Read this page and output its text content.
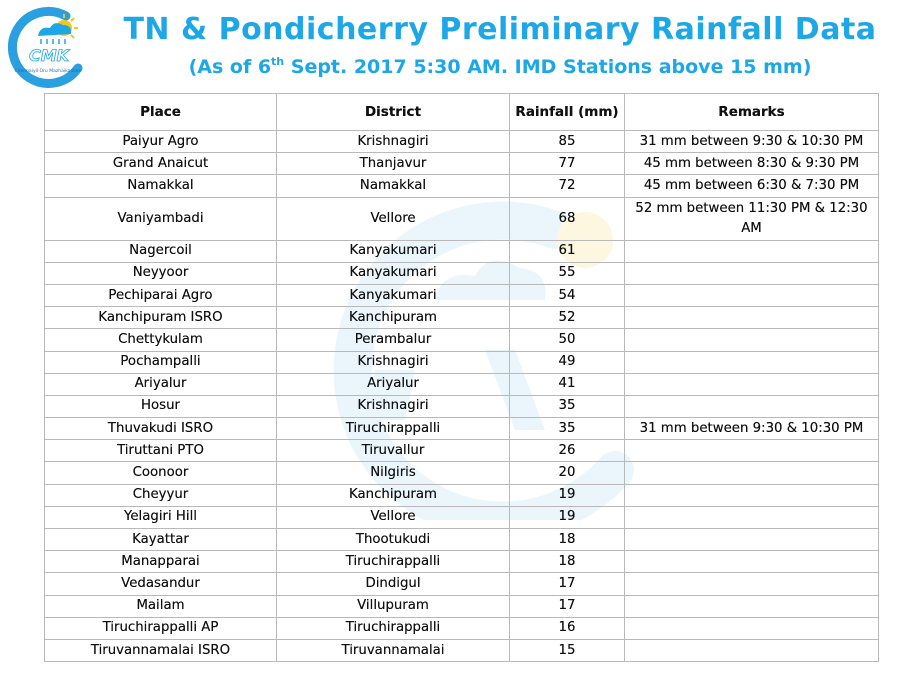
CMK
Chennaiyil Oru Mazhaikaalam
TN & Pondicherry Preliminary Rainfall Data
(As of 6th Sept. 2017 5:30 AM. IMD Stations above 15 mm)
Place	District	Rainfall (mm)	Remarks
Paiyur Agro	Krishnagiri	85	31 mm between 9:30 & 10:30 PM
Grand Anaicut	Thanjavur	77	45 mm between 8:30 & 9:30 PM
Namakkal	Namakkal	72	45 mm between 6:30 & 7:30 PM
Vaniyambadi	Vellore	68	52 mm between 11:30 PM & 12:30 AM
Nagercoil	Kanyakumari	61	
Neyyoor	Kanyakumari	55	
Pechiparai Agro	Kanyakumari	54	
Kanchipuram ISRO	Kanchipuram	52	
Chettykulam	Perambalur	50	
Pochampalli	Krishnagiri	49	
Ariyalur	Ariyalur	41	
Hosur	Krishnagiri	35	
Thuvakudi ISRO	Tiruchirappalli	35	31 mm between 9:30 & 10:30 PM
Tiruttani PTO	Tiruvallur	26	
Coonoor	Nilgiris	20	
Cheyyur	Kanchipuram	19	
Yelagiri Hill	Vellore	19	
Kayattar	Thootukudi	18	
Manapparai	Tiruchirappalli	18	
Vedasandur	Dindigul	17	
Mailam	Villupuram	17	
Tiruchirappalli AP	Tiruchirappalli	16	
Tiruvannamalai ISRO	Tiruvannamalai	15	
